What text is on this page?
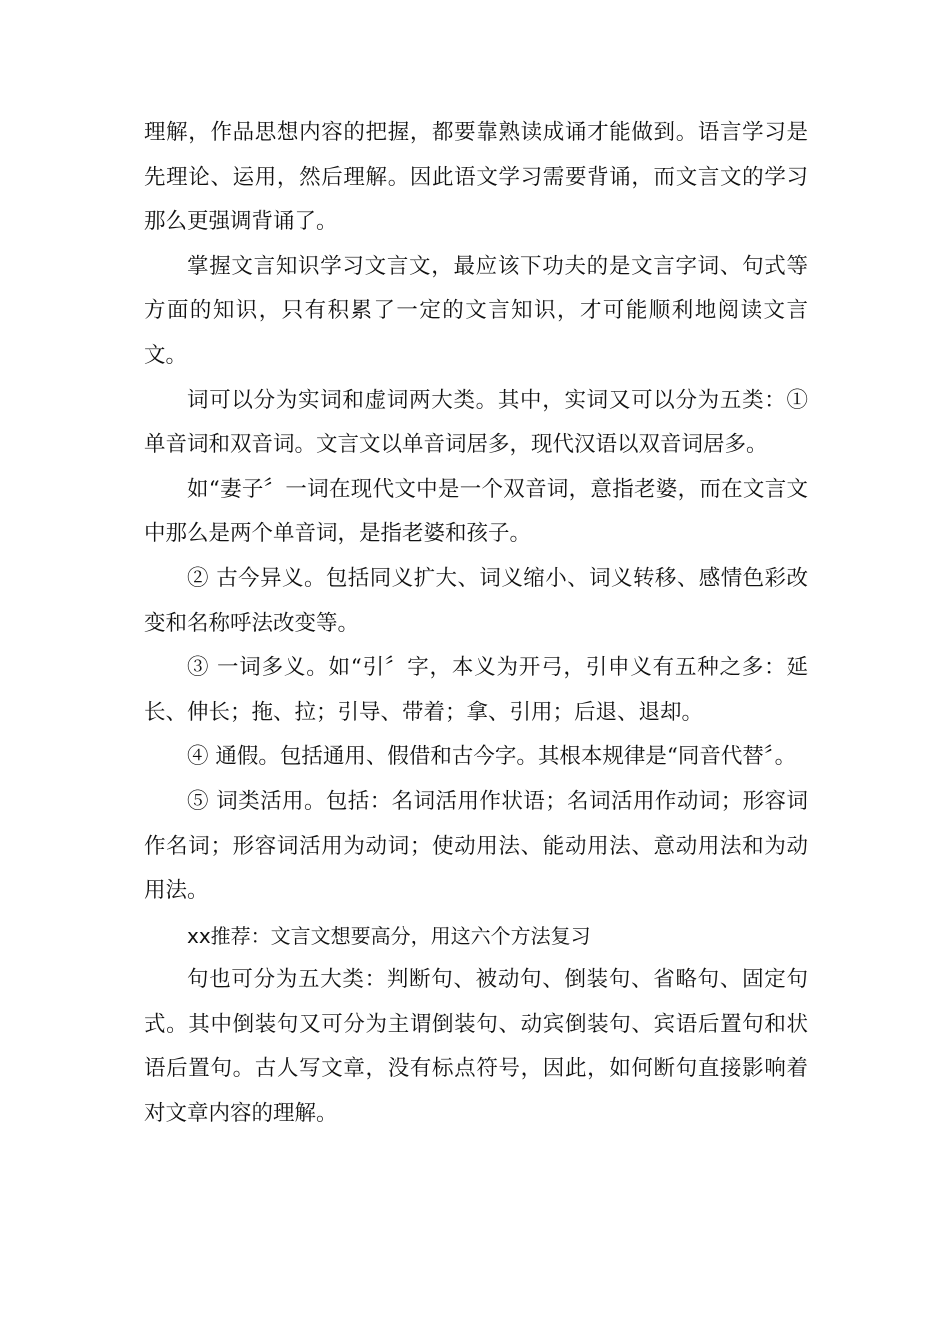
理解，作品思想内容的把握，都要靠熟读成诵才能做到。语言学习是先理论、运用，然后理解。因此语文学习需要背诵，而文言文的学习那么更强调背诵了。

掌握文言知识学习文言文，最应该下功夫的是文言字词、句式等方面的知识，只有积累了一定的文言知识，才可能顺利地阅读文言文。

词可以分为实词和虚词两大类。其中，实词又可以分为五类：①单音词和双音词。文言文以单音词居多，现代汉语以双音词居多。

如“妻子〞一词在现代文中是一个双音词，意指老婆，而在文言文中那么是两个单音词，是指老婆和孩子。

② 古今异义。包括同义扩大、词义缩小、词义转移、感情色彩改变和名称呼法改变等。

③ 一词多义。如“引〞字，本义为开弓，引申义有五种之多：延长、伸长；拖、拉；引导、带着；拿、引用；后退、退却。

④ 通假。包括通用、假借和古今字。其根本规律是“同音代替〞。

⑤ 词类活用。包括：名词活用作状语；名词活用作动词；形容词作名词；形容词活用为动词；使动用法、能动用法、意动用法和为动用法。

xx推荐：文言文想要高分，用这六个方法复习

句也可分为五大类：判断句、被动句、倒装句、省略句、固定句式。其中倒装句又可分为主谓倒装句、动宾倒装句、宾语后置句和状语后置句。古人写文章，没有标点符号，因此，如何断句直接影响着对文章内容的理解。
